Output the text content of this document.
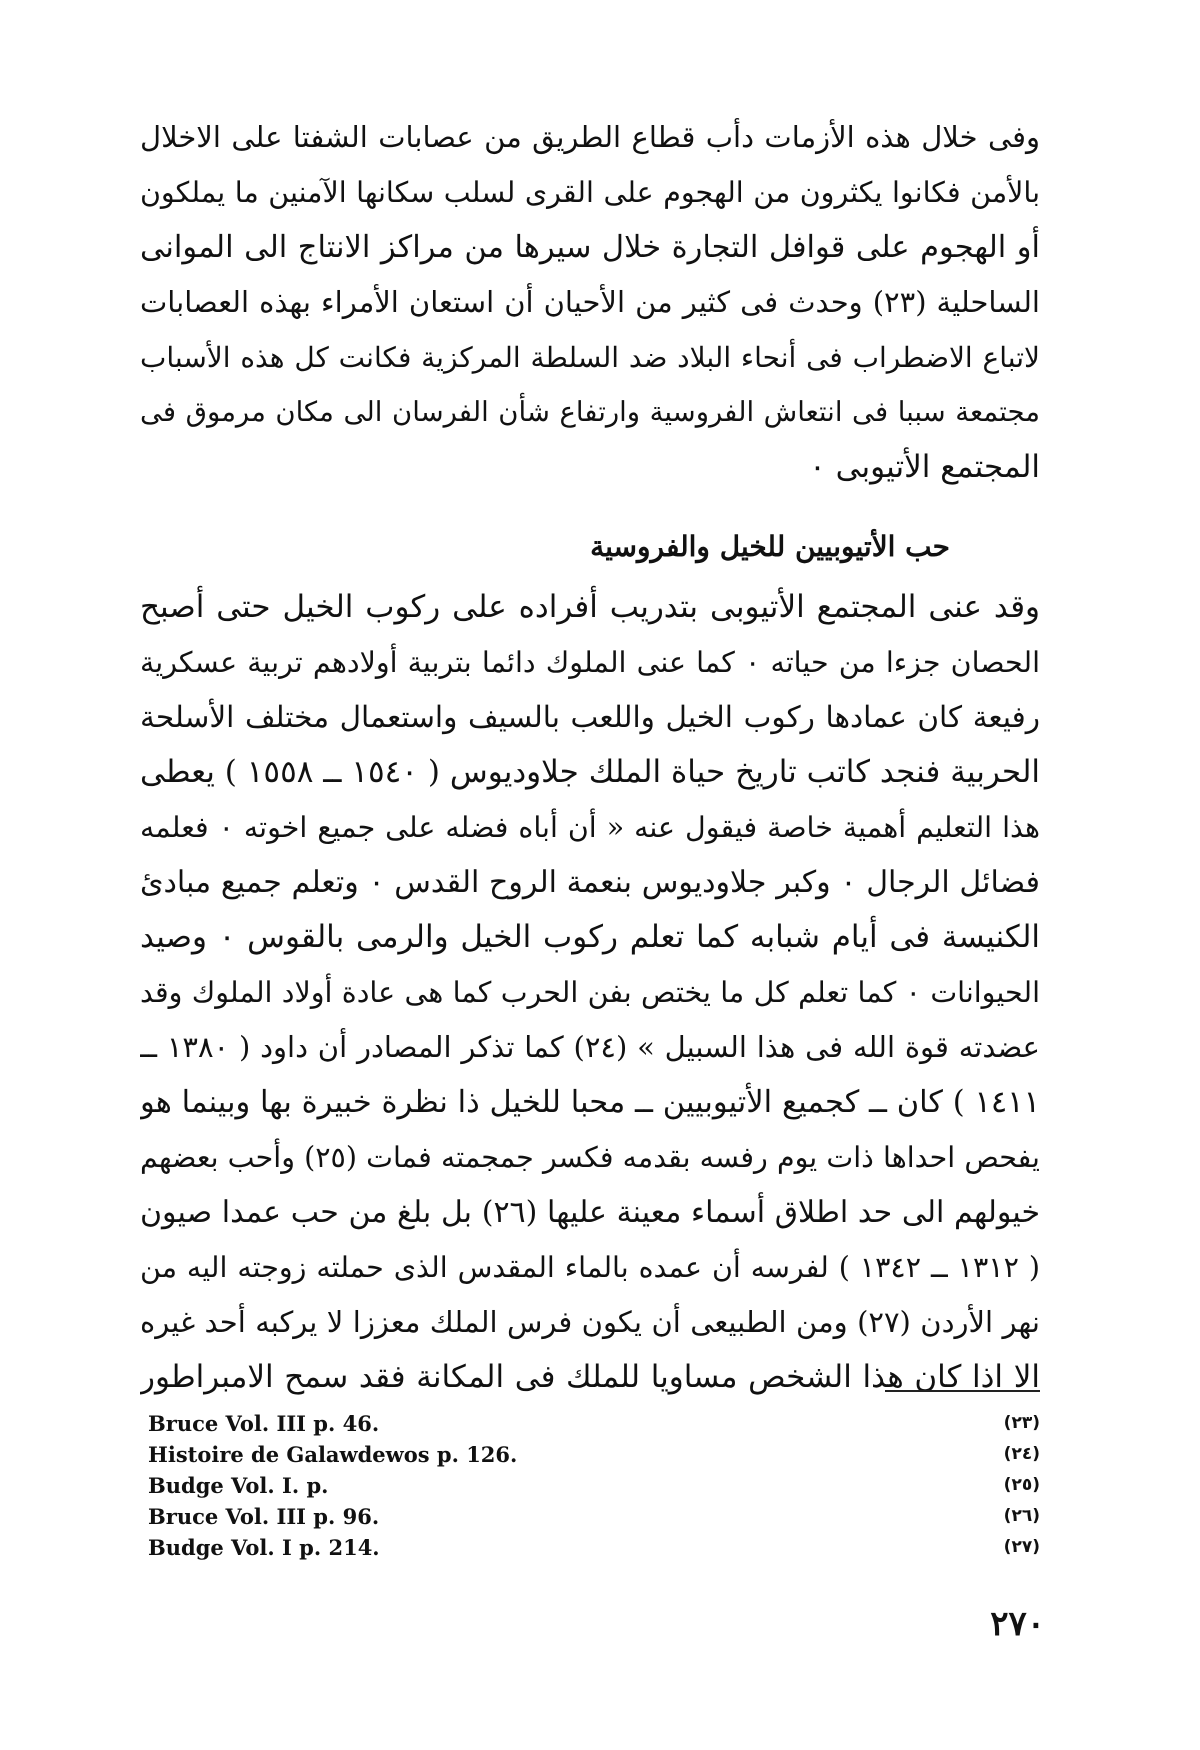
وفى خلال هذه الأزمات دأب قطاع الطريق من عصابات الشفتا على الاخلال
بالأمن فكانوا يكثرون من الهجوم على القرى لسلب سكانها الآمنين ما يملكون
أو الهجوم على قوافل التجارة خلال سيرها من مراكز الانتاج الى الموانى
الساحلية (٢٣) وحدث فى كثير من الأحيان أن استعان الأمراء بهذه العصابات
لاتباع الاضطراب فى أنحاء البلاد ضد السلطة المركزية فكانت كل هذه الأسباب
مجتمعة سببا فى انتعاش الفروسية وارتفاع شأن الفرسان الى مكان مرموق فى
المجتمع الأتيوبى ٠
حب الأتيوبيين للخيل والفروسية
وقد عنى المجتمع الأتيوبى بتدريب أفراده على ركوب الخيل حتى أصبح
الحصان جزءا من حياته ٠ كما عنى الملوك دائما بتربية أولادهم تربية عسكرية
رفيعة كان عمادها ركوب الخيل واللعب بالسيف واستعمال مختلف الأسلحة
الحربية فنجد كاتب تاريخ حياة الملك جلاوديوس ( ١٥٤٠ ــ ١٥٥٨ ) يعطى
هذا التعليم أهمية خاصة فيقول عنه « أن أباه فضله على جميع اخوته ٠ فعلمه
فضائل الرجال ٠ وكبر جلاوديوس بنعمة الروح القدس ٠ وتعلم جميع مبادئ
الكنيسة فى أيام شبابه كما تعلم ركوب الخيل والرمى بالقوس ٠ وصيد
الحيوانات ٠ كما تعلم كل ما يختص بفن الحرب كما هى عادة أولاد الملوك وقد
عضدته قوة الله فى هذا السبيل » (٢٤) كما تذكر المصادر أن داود ( ١٣٨٠ ــ
١٤١١ ) كان ــ كجميع الأتيوبيين ــ محبا للخيل ذا نظرة خبيرة بها وبينما هو
يفحص احداها ذات يوم رفسه بقدمه فكسر جمجمته فمات (٢٥) وأحب بعضهم
خيولهم الى حد اطلاق أسماء معينة عليها (٢٦) بل بلغ من حب عمدا صيون
( ١٣١٢ ــ ١٣٤٢ ) لفرسه أن عمده بالماء المقدس الذى حملته زوجته اليه من
نهر الأردن (٢٧) ومن الطبيعى أن يكون فرس الملك معززا لا يركبه أحد غيره
الا اذا كان هذا الشخص مساويا للملك فى المكانة فقد سمح الامبراطور
Bruce Vol. III p. 46.	(٢٣)
Histoire de Galawdewos p. 126.	(٢٤)
Budge Vol. I. p.	(٢٥)
Bruce Vol. III p. 96.	(٢٦)
Budge Vol. I p. 214.	(٢٧)
٢٧٠
